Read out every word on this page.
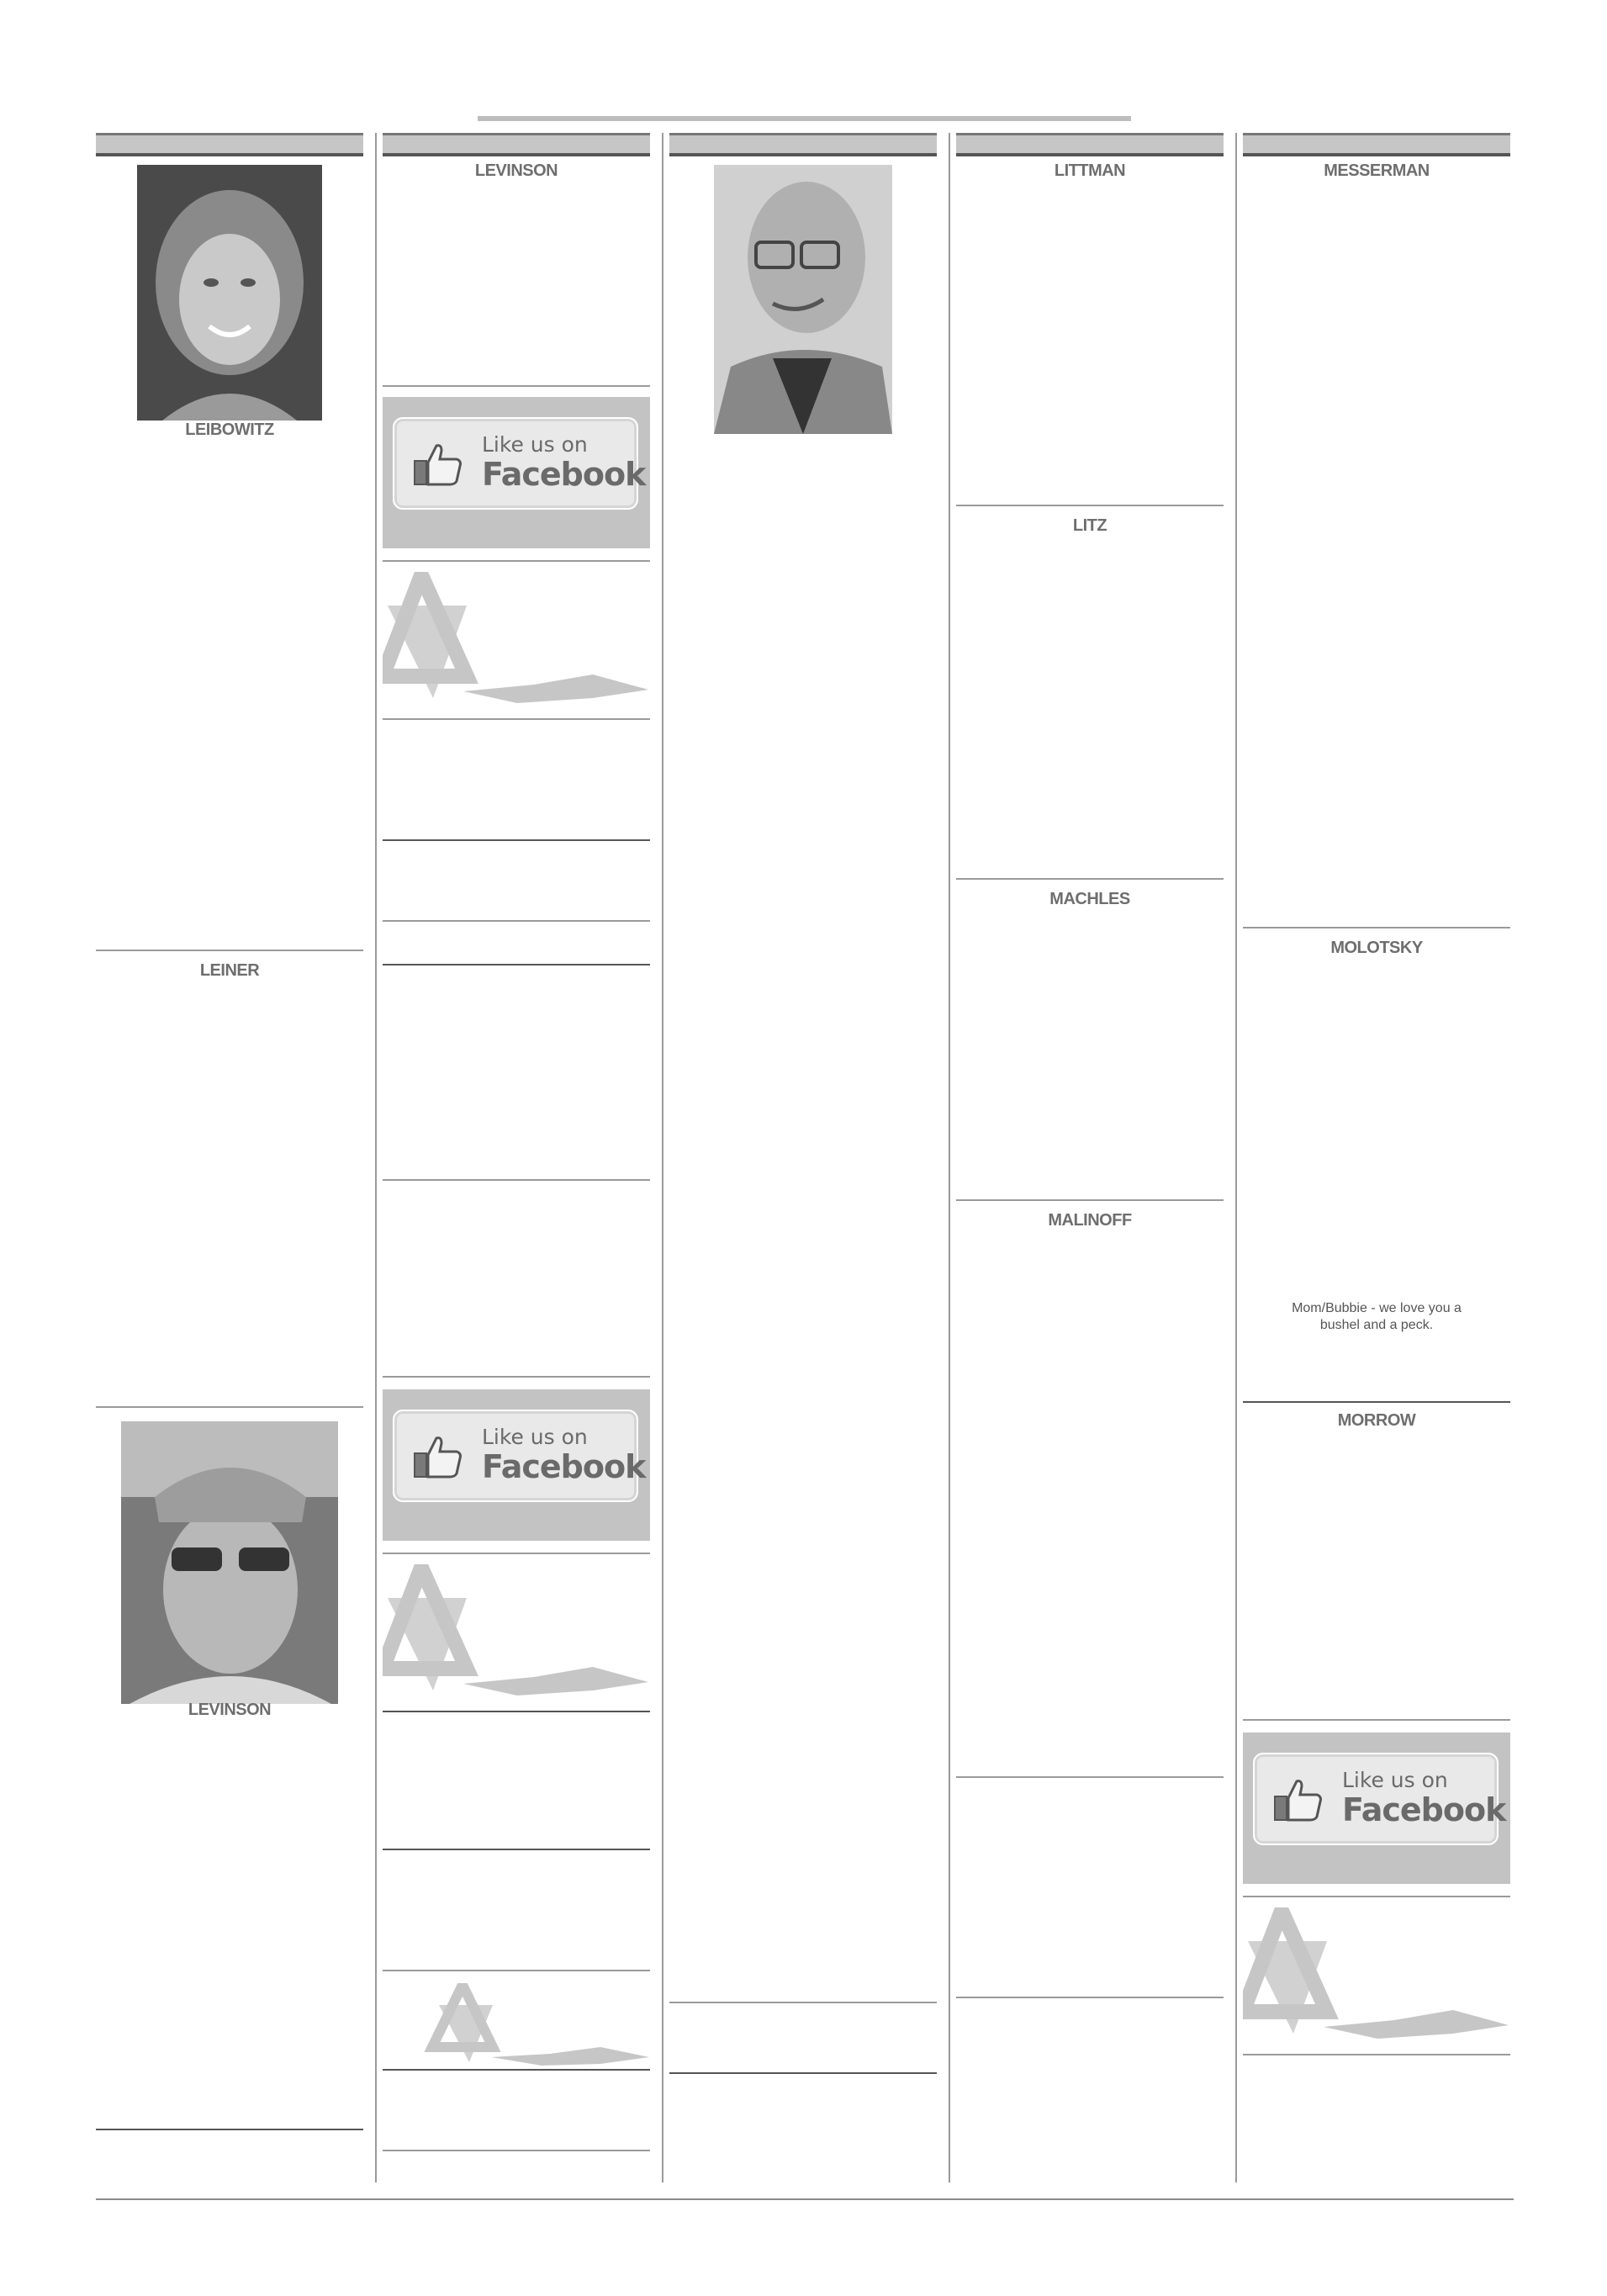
LEIBOWITZ
LEINER
LEVINSON
LEVINSON
Like us on
Facebook
Like us on
Facebook
LITTMAN
LITZ
MACHLES
MALINOFF
MESSERMAN
MOLOTSKY
Mom/Bubbie - we love you a
bushel and a peck.
MORROW
Like us on
Facebook
